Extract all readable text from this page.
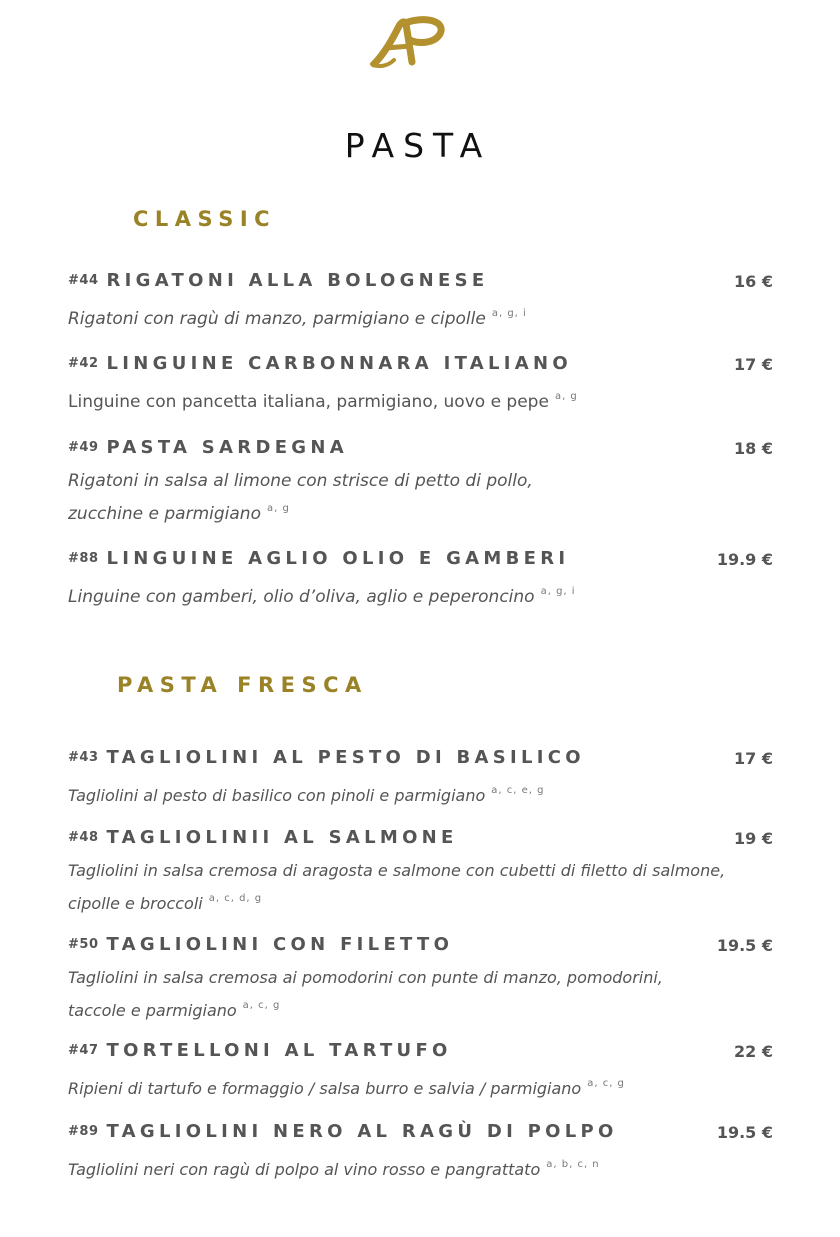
PASTA
CLASSIC
#44 RIGATONI ALLA BOLOGNESE	16 €
Rigatoni con ragù di manzo, parmigiano e cipolle $^{a, g, i}$
#42 LINGUINE CARBONNARA ITALIANO	17 €
Linguine con pancetta italiana, parmigiano, uovo e pepe $^{a, g}$
#49 PASTA SARDEGNA	18 €
Rigatoni in salsa al limone con strisce di petto di pollo,
zucchine e parmigiano $^{a, g}$
#88 LINGUINE AGLIO OLIO E GAMBERI	19.9 €
Linguine con gamberi, olio d’oliva, aglio e peperoncino $^{a, g, i}$
PASTA FRESCA
#43 TAGLIOLINI AL PESTO DI BASILICO	17 €
Tagliolini al pesto di basilico con pinoli e parmigiano $^{a, c, e, g}$
#48 TAGLIOLINII AL SALMONE	19 €
Tagliolini in salsa cremosa di aragosta e salmone con cubetti di filetto di salmone,
cipolle e broccoli $^{a, c, d, g}$
#50 TAGLIOLINI CON FILETTO	19.5 €
Tagliolini in salsa cremosa ai pomodorini con punte di manzo, pomodorini,
taccole e parmigiano $^{a, c, g}$
#47 TORTELLONI AL TARTUFO	22 €
Ripieni di tartufo e formaggio / salsa burro e salvia / parmigiano $^{a, c, g}$
#89 TAGLIOLINI NERO AL RAGÙ DI POLPO	19.5 €
Tagliolini neri con ragù di polpo al vino rosso e pangrattato $^{a, b, c, n}$
